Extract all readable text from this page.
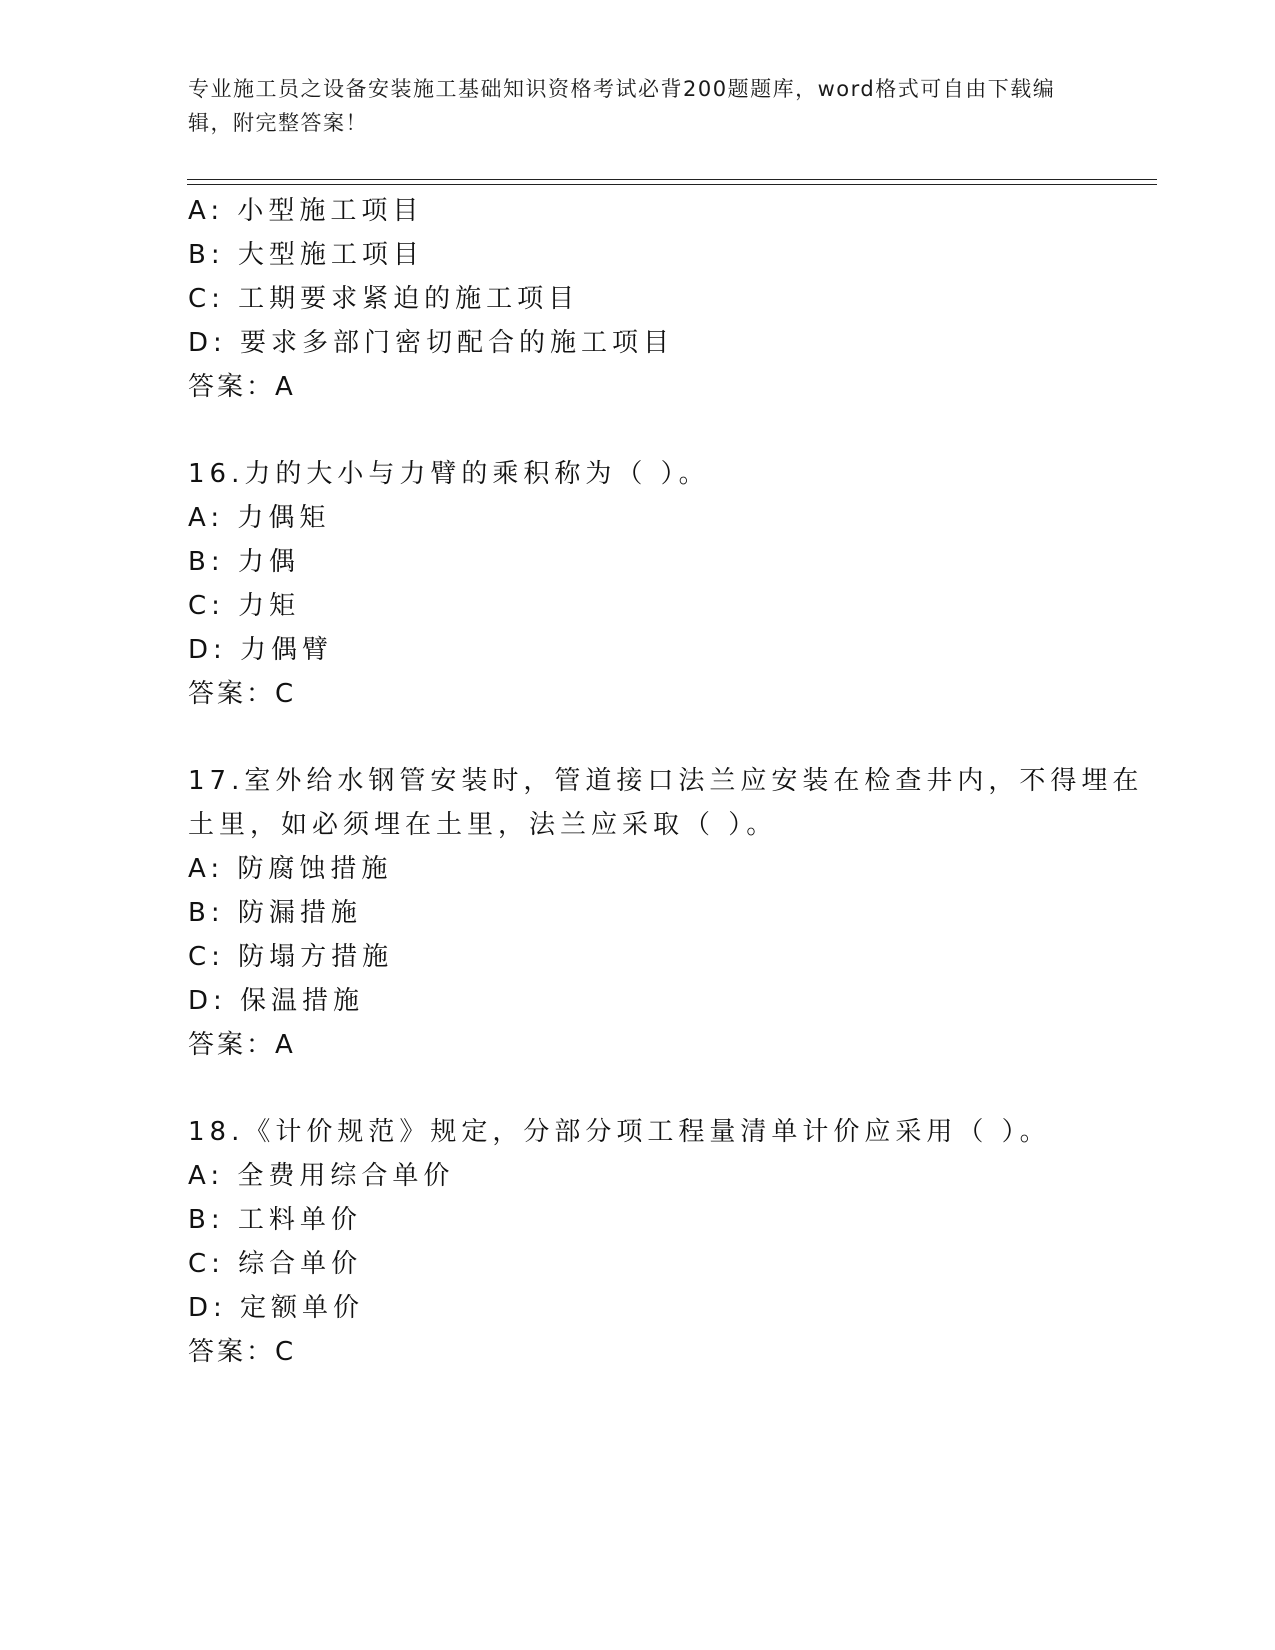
专业施工员之设备安装施工基础知识资格考试必背200题题库，word格式可自由下载编辑，附完整答案！
A: 小型施工项目
B: 大型施工项目
C: 工期要求紧迫的施工项目
D: 要求多部门密切配合的施工项目
答案：A
16.力的大小与力臂的乘积称为（ ）。
A: 力偶矩
B: 力偶
C: 力矩
D: 力偶臂
答案：C
17.室外给水钢管安装时，管道接口法兰应安装在检查井内，不得埋在
土里，如必须埋在土里，法兰应采取（ ）。
A: 防腐蚀措施
B: 防漏措施
C: 防塌方措施
D: 保温措施
答案：A
18.《计价规范》规定，分部分项工程量清单计价应采用（ ）。
A: 全费用综合单价
B: 工料单价
C: 综合单价
D: 定额单价
答案：C
